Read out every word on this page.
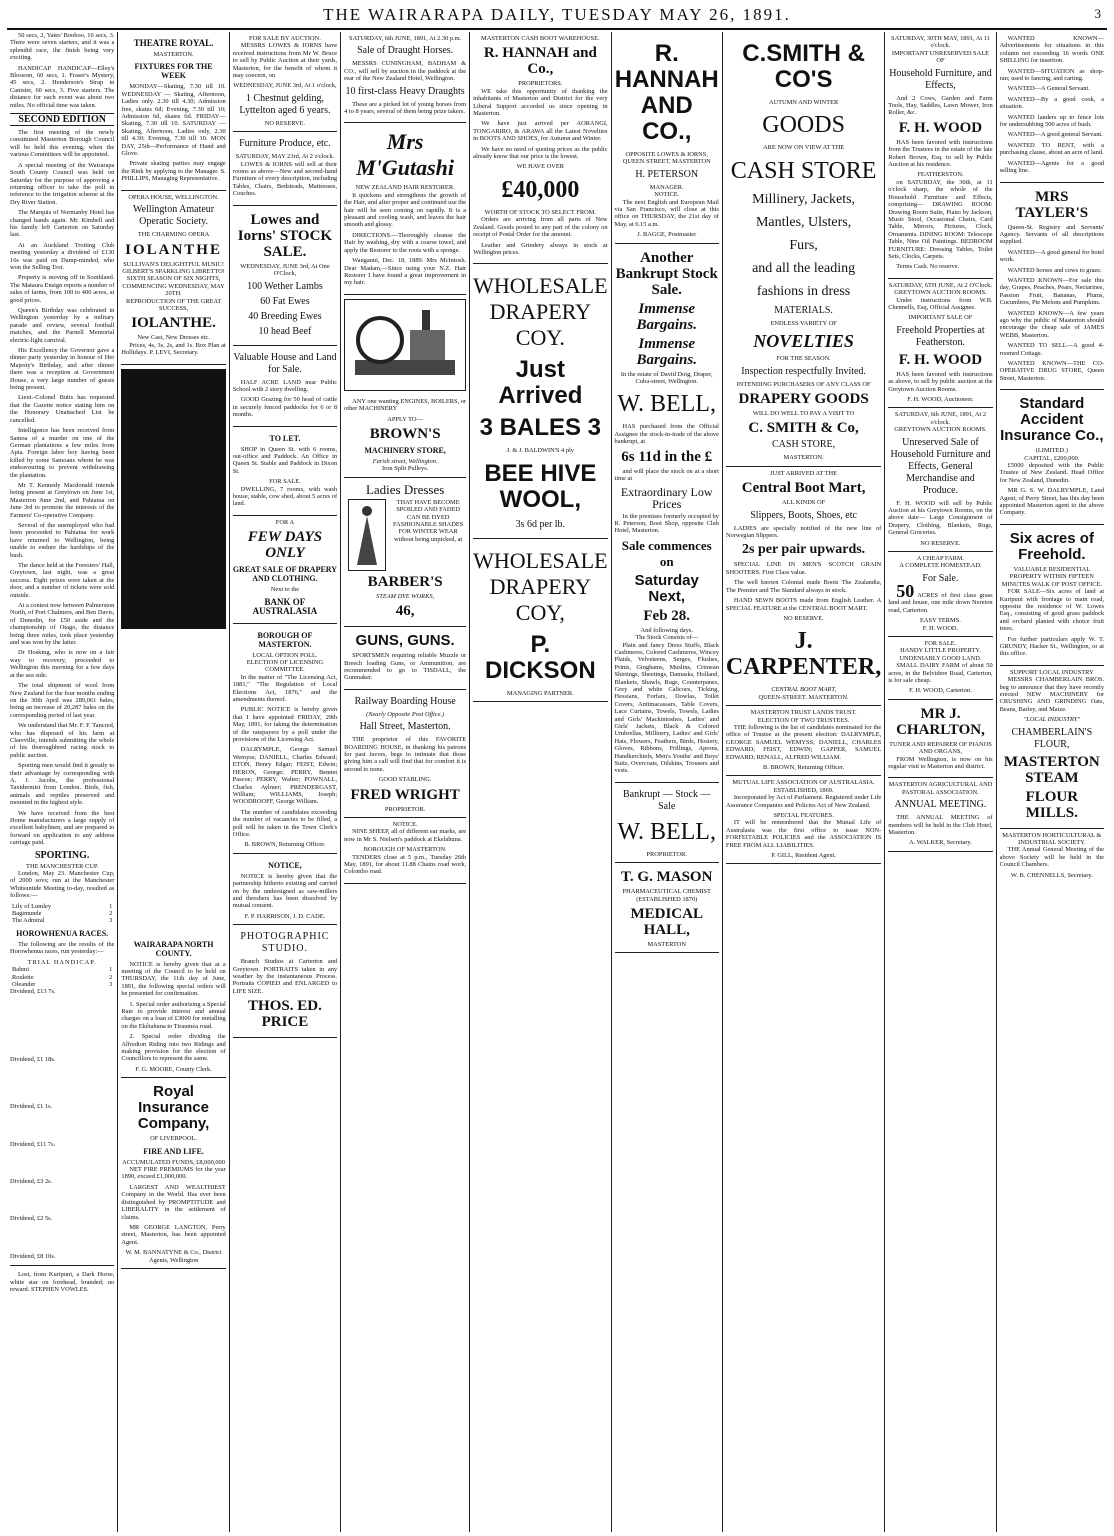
THE WAIRARAPA DAILY, TUESDAY MAY 26, 1891.	3

50 secs, 2, Yates' Booboo, 10 secs, 3. There were seven starters, and it was a splendid race, the finish being very exciting.

HANDICAP HANDICAP—Elley's Blossom, 60 secs, 1. Fraser's Mystery, 45 secs, 2. Henderson's Strap in Canister, 60 secs, 3. Five starters. The distance for each event was about two miles. No official time was taken.

SECOND EDITION

The first meeting of the newly constituted Masterton Borough Council will be held this evening, when the various Committees will be appointed.

A special meeting of the Wairarapa South County Council was held on Saturday for the purpose of approving a returning officer to take the poll in reference to the irrigation scheme at the Dry River Station.

The Marquis of Normanby Hotel has changed hands again. Mr. Kimbell and his family left Carterton on Saturday last.

At an Auckland Trotting Club meeting yesterday a dividend of £130 16s was paid on Damp-minded, who won the Selling Trot.

Property is moving off in Southland. The Mataura Ensign reports a number of sales of farms, from 100 to 400 acres, at good prices.

Queen's Birthday was celebrated in Wellington yesterday by a military parade and review, several football matches, and the Parnell Memorial electric-light carnival.

His Excellency the Governor gave a dinner party yesterday in honour of Her Majesty's Birthday, and after dinner there was a reception at Government House, a very large number of guests being present.

Lieut.-Colonel Butts has requested that the Gazette notice stating him on the Honorary Unattached List be cancelled.

Intelligence has been received from Samoa of a murder on one of the German plantations a few miles from Apia. Foreign labor boy having been killed by some Samoans whom he was endeavouring to prevent withdrawing the plantation.

Mr T. Kennedy Macdonald intends being present at Greytown on June 1st, Masterton June 2nd, and Pahiatua on June 3rd to promote the interests of the Farmers' Co-operative Company.

Several of the unemployed who had been proceeded to Pahiatua for work have returned to Wellington, being unable to endure the hardships of the bush.

The dance held at the Foresters' Hall, Greytown, last night, was a great success. Eight prizes were taken at the door, and a number of tickets were sold outside.

At a contest now between Palmerston North, of Port Chalmers, and Ben Davis, of Dunedin, for £50 aside and the championship of Otago, the distance being three miles, took place yesterday and was won by the latter.

Dr Hosking, who is now on a fair way to recovery, proceeded to Wellington this morning for a few days at the sea side.

The total shipment of wool from New Zealand for the four months ending on the 30th April was 289,061 bales, being an increase of 20,287 bales on the corresponding period of last year.

We understand that Mr. F. F. Tancred, who has disposed of his farm at Clareville, intends submitting the whole of his thoroughbred racing stock to public auction.

Sporting men would find it greatly to their advantage by corresponding with A. J. Jacobs, the professional Taxidermist from London. Birds, fish, animals and reptiles preserved and mounted in the highest style.

We have received from the best Home manufacturers a large supply of excellent babylinen, and are prepared to forward on application to any address carriage paid.

SPORTING.
THE MANCHESTER CUP.

London, May 23. Manchester Cup, of 2000 sovs; run at the Manchester Whitsuntide Meeting to-day, resulted as follows:—

Lily of Lumley	1
Bagimunde	2
The Admiral	3
HOROWHENUA RACES.

The following are the results of the Horowhenua races, run yesterday:—

TRIAL HANDICAP.
Bahmi	1
Roulette	2
Oleander	3
Dividend, £13 7s.
Dividend, £1 18s.
Dividend, £1 1s.
Dividend, £11 7s.
Dividend, £3 2s.
Dividend, £2 5s.
Dividend, £8 10s.

Lost, from Kuripuni, a Dark Horse, white star on forehead, branded; no reward. STEPHEN VOWLES.

THEATRE ROYAL.
MASTERTON.
FIXTURES FOR THE WEEK

MONDAY—Skating, 7.30 till 10. WEDNESDAY — Skating, Afternoon, Ladies only. 2.30 till 4.30; Admission free, skates 6d; Evening, 7.30 till 10; Admission 6d, skates 6d. FRIDAY—Skating, 7.30 till 10. SATURDAY — Skating, Afternoon, Ladies only, 2.30 till 4.30; Evening, 7.30 till 10. MON DAY, 25th—Performance of Hand and Glove.

Private skating parties may engage the Rink by applying to the Manager. S. PHILLIPS, Managing Representative.

OPERA HOUSE, WELLINGTON.
Wellington Amateur Operatic Society.
THE CHARMING OPERA
IOLANTHE
SULLIVAN'S DELIGHTFUL MUSIC!
GILBERT'S SPARKLING LIBRETTO!
SIXTH SEASON OF SIX NIGHTS, COMMENCING WEDNESDAY, MAY 20TH.
REPRODUCTION OF THE GREAT SUCCESS,
IOLANTHE.
New Cast, New Dresses etc.

Prices, 4s, 3s, 2s, and 1s. Box Plan at Hollidays. P. LEVI, Secretary.

WAIRARAPA NORTH COUNTY.

NOTICE is hereby given that at a meeting of the Council to be held on THURSDAY, the 11th day of June, 1891, the following special orders will be presented for confirmation.

1. Special order authorising a Special Rate to provide interest and annual charges on a loan of £3000 for metalling on the Ekêtahuna to Tiraumea road.

2. Special order dividing the Alfredton Riding into two Ridings and making provision for the election of Councillors to represent the same.

F. G. MOORE, County Clerk.
Royal Insurance Company,
OF LIVERPOOL.
FIRE AND LIFE.
ACCUMULATED FUNDS, £8,000,000

NET FIRE PREMIUMS for the year 1890, exceed £1,000,000.

LARGEST AND WEALTHIEST Company in the World. Has ever been distinguished by PROMPTITUDE and LIBERALITY in the settlement of claims.

MR GEORGE LANGTON, Perry street, Masterton, has been appointed Agent.

W. M. BANNATYNE & Co., District Agents, Wellington
FOR SALE BY AUCTION.

MESSRS LOWES & IORNS have received instructions from Mr W. Bruce to sell by Public Auction at their yards, Masterton, for the benefit of whom it may concern, on

WEDNESDAY, JUNE 3rd, At 1 o'clock,
1 Chestnut gelding, Lyttelton aged 6 years.
NO RESERVE.
Furniture Produce, etc.
SATURDAY, MAY 23rd, At 2 o'clock.

LOWES & IORNS will sell at their rooms as above—New and second-hand Furniture of every description, including Tables, Chairs, Bedsteads, Mattresses, Couches.

Lowes and Iorns' STOCK SALE.
WEDNESDAY, JUNE 3rd, At One O'Clock,
100 Wether Lambs
60 Fat Ewes
40 Breeding Ewes
10 head Beef
Valuable House and Land for Sale.

HALF ACRE LAND near Public School with 2 story dwelling.

GOOD Grazing for 50 head of cattle in securely fenced paddocks for 6 or 8 months.

TO LET.

SHOP in Queen St. with 6 rooms, out-office and Paddock. An Office in Queen St. Stable and Paddock in Dixon St.

FOR SALE.

DWELLING, 7 rooms, with wash house, stable, cow shed, about 5 acres of land.

FOR A
FEW DAYS ONLY
GREAT SALE OF DRAPERY AND CLOTHING.
Next to the
BANK OF AUSTRALASIA
BOROUGH OF MASTERTON.
LOCAL OPTION POLL.
ELECTION OF LICENSING COMMITTEE.

In the matter of "The Licensing Act, 1881," "The Regulation of Local Elections Act, 1876," and the amendments thereof.

PUBLIC NOTICE is hereby given that I have appointed FRIDAY, 29th May, 1891, for taking the determination of the ratepayers by a poll under the provisions of the Licensing Act.

DALRYMPLE, George Samuel Wemyss; DANIELL, Charles Edward; ETON, Henry Edgar; FEIST, Edwin; HERON, George; PERRY, Bennet Pascoe; PERRY, Walter; POWNALL, Charles Aylmer; PRENDERGAST, William; WILLIAMS, Joseph; WOODROOFF, George William.

The number of candidates exceeding the number of vacancies to be filled, a poll will be taken in the Town Clerk's Office.

B. BROWN, Returning Officer.
NOTICE,

NOTICE is hereby given that the partnership hitherto existing and carried on by the undersigned as saw-millers and threshers has been dissolved by mutual consent.

F. P. HARRISON, J. D. CADE.
PHOTOGRAPHIC STUDIO.

Branch Studios at Carterton and Greytown. PORTRAITS taken in any weather by the instantaneous Process. Portraits COPIED and ENLARGED to LIFE SIZE.

THOS. ED. PRICE
SATURDAY, 6th JUNE, 1891, At 2.30 p.m.
Sale of Draught Horses.

MESSRS CUNINGHAM, BADHAM & CO., will sell by auction in the paddock at the rear of the New Zealand Hotel, Wellington.

10 first-class Heavy Draughts

These are a picked lot of young horses from 4 to 8 years, several of them being prize takers.

Mrs M'Gutashi
NEW ZEALAND HAIR RESTORER.

It quickens and strengthens the growth of the Hair, and after proper and continued use the hair will be seen coming on rapidly. It is a pleasant and cooling wash, and leaves the hair smooth and glossy.

DIRECTIONS.—Thoroughly cleanse the Hair by washing, dry with a coarse towel, and apply the Restorer to the roots with a sponge.

Wanganui, Dec. 18, 1889. Mrs McIntosh. Dear Madam,—Since using your N.Z. Hair Restorer I have found a great improvement in my hair.

ANY one wanting ENGINES, BOILERS, or other MACHINERY

APPLY TO—
BROWN'S
MACHINERY STORE,
Farish street, Wellington.
Iron Split Pulleys.
Ladies Dresses
THAT HAVE BECOME SPOILED AND FADED CAN BE DYED FASHIONABLE SHADES FOR WINTER WEAR without being unpicked, at
BARBER'S
STEAM DYE WORKS,
46,
GUNS, GUNS.

SPORTSMEN requiring reliable Muzzle or Breech loading Guns, or Ammunition, are recommended to go to TISDALL, the Gunmaker.

Railway Boarding House
(Nearly Opposite Post Office.)
Hall Street, Masterton.

THE proprietor of this FAVORITE BOARDING HOUSE, in thanking his patrons for past favors, begs to intimate that those giving him a call will find that for comfort it is second to none.

GOOD STABLING.
FRED WRIGHT
PROPRIETOR.
NOTICE.

NINE SHEEP, all of different ear marks, are now in Mr S. Nielsen's paddock at Ekelahuna.

BOROUGH OF MASTERTON.

TENDERS close at 5 p.m., Tuesday 26th May, 1891, for about 11.88 Chains road work, Colombo road.

MASTERTON CASH BOOT WAREHOUSE.
R. HANNAH and Co.,
PROPRIETORS.

WE take this opportunity of thanking the inhabitants of Masterton and District for the very Liberal Support accorded us since opening in Masterton.

We have just arrived per AORANGI, TONGARIRO, & ARAWA all the Latest Novelties in BOOTS AND SHOES, for Autumn and Winter.

We have no need of quoting prices as the public already know that our price is the lowest.

WE HAVE OVER
£40,000
WORTH OF STOCK TO SELECT FROM.

Orders are arriving from all parts of New Zealand. Goods posted to any part of the colony on receipt of Postal Order for the amount.

Leather and Grindery always in stock at Wellington prices.

WHOLESALE DRAPERY COY.
Just Arrived
3 BALES 3
J. & J. BALDWIN'S 4 ply
BEE HIVE WOOL,
3s 6d per lb.
WHOLESALE DRAPERY COY,
P. DICKSON
MANAGING PARTNER.
R. HANNAH AND CO.,
OPPOSITE LOWES & IORNS, QUEEN STREET, MASTERTON
H. PETERSON
MANAGER.
NOTICE.

The next English and European Mail via San Francisco, will close at this office on THURSDAY, the 21st day of May, at 6.15 a.m.

J. BAGGE, Postmaster
Another Bankrupt Stock Sale.
Immense Bargains.
Immense Bargains.
In the estate of David Doig, Draper, Cuba-street, Wellington.
W. BELL,

HAS purchased from the Official Assignee the stock-in-trade of the above bankrupt, at

6s 11d in the £

and will place the stock on at a short time at

Extraordinary Low Prices

In the premises formerly occupied by R. Peterson, Boot Shop, opposite Club Hotel, Masterton.

Sale commences on
Saturday Next,
Feb 28.
And following days.
The Stock Consists of—

Plain and fancy Dress Stuffs, Black Cashmeres, Colored Cashmeres, Wincey Plaids, Velveteens, Serges, Flushes, Prints, Ginghams, Muslins, Crimean Shirtings, Sheetings, Damasks, Holland, Blankets, Shawls, Rugs, Counterpanes, Grey and white Calicoes, Ticking, Hessians, Forfars, Dowlas, Toilet Covers, Antimacassars, Table Covers, Lace Curtains, Towels, Towels, Ladies and Girls' Mackintoshes, Ladies' and Girls' Jackets, Black & Colored Umbrellas, Millinery, Ladies' and Girls' Hats, Flowers, Feathers, Birds, Hosiery, Gloves, Ribbons, Frillings, Aprons, Handkerchiefs, Men's Youths' and Boys' Suits, Overcoats, Oilskins, Trousers and vests.

Bankrupt — Stock — Sale
W. BELL,
PROPRIETOR.
T. G. MASON
PHARMACEUTICAL CHEMIST
(ESTABLISHED 1870)
MEDICAL HALL,
MASTERTON
C.SMITH & CO'S
AUTUMN AND WINTER
GOODS
ARE NOW ON VIEW AT THE
CASH STORE
Millinery, Jackets,
Mantles, Ulsters,
Furs,
and all the leading
fashions in dress
MATERIALS.
ENDLESS VARIETY OF
NOVELTIES
FOR THE SEASON.
Inspection respectfully Invited.
INTENDING PURCHASERS OF ANY CLASS OF
DRAPERY GOODS
WILL DO WELL TO PAY A VISIT TO
C. SMITH & Co,
CASH STORE,
MASTERTON.
JUST ARRIVED AT THE
Central Boot Mart,
ALL KINDS OF
Slippers, Boots, Shoes, etc

LADIES are specially notified of the new line of Norwegian Slippers.

2s per pair upwards.

SPECIAL LINE IN MEN'S SCOTCH GRAIN SHOOTERS. First Class value.

The well known Colonial made Boots The Zealandia, The Premier and The Standard always in stock.

HAND SEWN BOOTS made from English Leather. A SPECIAL FEATURE at the CENTRAL BOOT MART.

NO RESERVE.
J. CARPENTER,
CENTRAL BOOT MART,
QUEEN-STREET. MASTERTON.
MASTERTON TRUST LANDS TRUST.
ELECTION OF TWO TRUSTEES.

THE following is the list of candidates nominated for the office of Trustee at the present election: DALRYMPLE, GEORGE SAMUEL WEMYSS; DANIELL, CHARLES EDWARD; FEIST, EDWIN; GAPPER, SAMUEL EDWARD; RENALL, ALFRED WILLIAM.

B. BROWN, Returning Officer.
MUTUAL LIFE ASSOCIATION OF AUSTRALASIA.
ESTABLISHED, 1869.

Incorporated by Act of Parliament. Registered under Life Assurance Companies and Policies Act of New Zealand.

SPECIAL FEATURES.

IT will be remembered that the Mutual Life of Australasia was the first office to issue NON-FORFEITABLE POLICIES and the ASSOCIATION IS FREE FROM ALL LIABILITIES.

P. GILL, Resident Agent.
SATURDAY, 30TH MAY, 1891, At 11 o'clock.
IMPORTANT UNRESERVED SALE OF
Household Furniture, and Effects,

And 2 Cows, Garden and Farm Tools, Hay, Saddles, Lawn Mower, Iron Roller, &c.

F. H. WOOD

HAS been favored with instructions from the Trustees in the estate of the late Robert Brown, Esq. to sell by Public Auction at his residence.

FEATHERSTON.

on SATURDAY, the 30th, at 11 o'clock sharp, the whole of the Household Furniture and Effects, comprising— DRAWING ROOM: Drawing Room Suite, Piano by Jackson, Music Stool, Occasional Chairs, Card Table, Mirrors, Pictures, Clock, Ornaments. DINING ROOM: Telescope Table, Nine Oil Paintings. BEDROOM FURNITURE: Dressing Tables, Toilet Sets, Clocks, Carpets.

Terms Cash. No reserve.

SATURDAY, 6TH JUNE, At 2 O'Clock.
GREYTOWN AUCTION ROOMS.

Under instructions from W.B. Chennells, Esq, Official Assignee.

IMPORTANT SALE OF
Freehold Properties at Featherston.
F. H. WOOD

HAS been favored with instructions as above, to sell by public auction at the Greytown Auction Rooms.

F. H. WOOD, Auctioneer.
SATURDAY, 6th JUNE, 1891, At 2 o'clock.
GREYTOWN AUCTION ROOMS.
Unreserved Sale of Household Furniture and Effects, General Merchandise and Produce.

F. H. WOOD will sell by Public Auction at his Greytown Rooms, on the above date— Large Consignment of Drapery, Clothing, Blankets, Rugs, General Groceries.

NO RESERVE.
A CHEAP FARM.
A COMPLETE HOMESTEAD.
For Sale.

50 ACRES of first class grass land and house, one mile down Nereton road, Carterton.

EASY TERMS.
F. H. WOOD.
FOR SALE.
HANDY LITTLE PROPERTY.
UNDENIABLY GOOD LAND.

SMALL DAIRY FARM of about 50 acres, in the Belvidere Road, Carterton, is for sale cheap.

F. H. WOOD, Carterton.
MR J. CHARLTON,
TUNER AND REPAIRER OF PIANOS AND ORGANS,

FROM Wellington, is now on his regular visit to Masterton and district.

MASTERTON AGRICULTURAL AND PASTORAL ASSOCIATION.
ANNUAL MEETING.

THE ANNUAL MEETING of members will be held in the Club Hotel, Masterton.

A. WALKER, Secretary.

WANTED KNOWN—Advertisements for situations in this column not exceeding 16 words ONE SHILLING for insertion.

WANTED—SITUATION as shop-ran; used to fancing, and carting.

WANTED—A General Servant.

WANTED—By a good cook, a situation.

WANTED landers up to fence lots for undersubbing 500 acres of bush.

WANTED—A good general Servant.

WANTED TO RENT, with a purchasing clause, about an acre of land.

WANTED—Agents for a good selling line.

MRS TAYLER'S

Queen-St. Registry and Servants' Agency. Servants of all descriptions supplied.

WANTED—A good general for hotel work.

WANTED horses and cows to graze.

WANTED KNOWN—For sale this day, Grapes, Peaches, Pears, Nectarines, Passion Fruit, Bananas, Plums, Cucumbers, Pie Melons and Pumpkins.

WANTED KNOWN—A few years ago why the public of Masterton should encourage the cheap sale of JAMES WEBB, Masterton.

WANTED TO SELL—A good 4-roomed Cottage.

WANTED KNOWN—THE CO-OPERATIVE DRUG STORE, Queen Street, Masterton.

Standard Accident Insurance Co.,
(LIMITED.)
CAPITAL, £200,000.

£5000 deposited with the Public Trustee of New Zealand. Head Office for New Zealand, Dunedin.

MR G. S. W. DALRYMPLE, Land Agent, of Perry Street, has this day been appointed Masterton agent to the above Company.

Six acres of Freehold.
VALUABLE RESIDENTIAL PROPERTY WITHIN FIFTEEN MINUTES WALK OF POST OFFICE.

FOR SALE—Six acres of land at Kuripuni with frontage to main road, opposite the residence of W. Lowes Esq., consisting of good grass paddock and orchard planted with choice fruit trees.

For further particulars apply W. T. GRUNDY, Hacker St., Wellington, or at this office.

SUPPORT LOCAL INDUSTRY

MESSRS CHAMBERLAIN BROS. beg to announce that they have recently erected NEW MACHINERY for CRUSHING AND GRINDING Oats, Beans, Barley, and Maize.

"LOCAL INDUSTRY"
CHAMBERLAIN'S FLOUR,
MASTERTON STEAM
FLOUR MILLS.
MASTERTON HORTICULTURAL & INDUSTRIAL SOCIETY.

THE Annual General Meeting of the above Society will be held in the Council Chambers.

W. B. CHENNELLS, Secretary.
